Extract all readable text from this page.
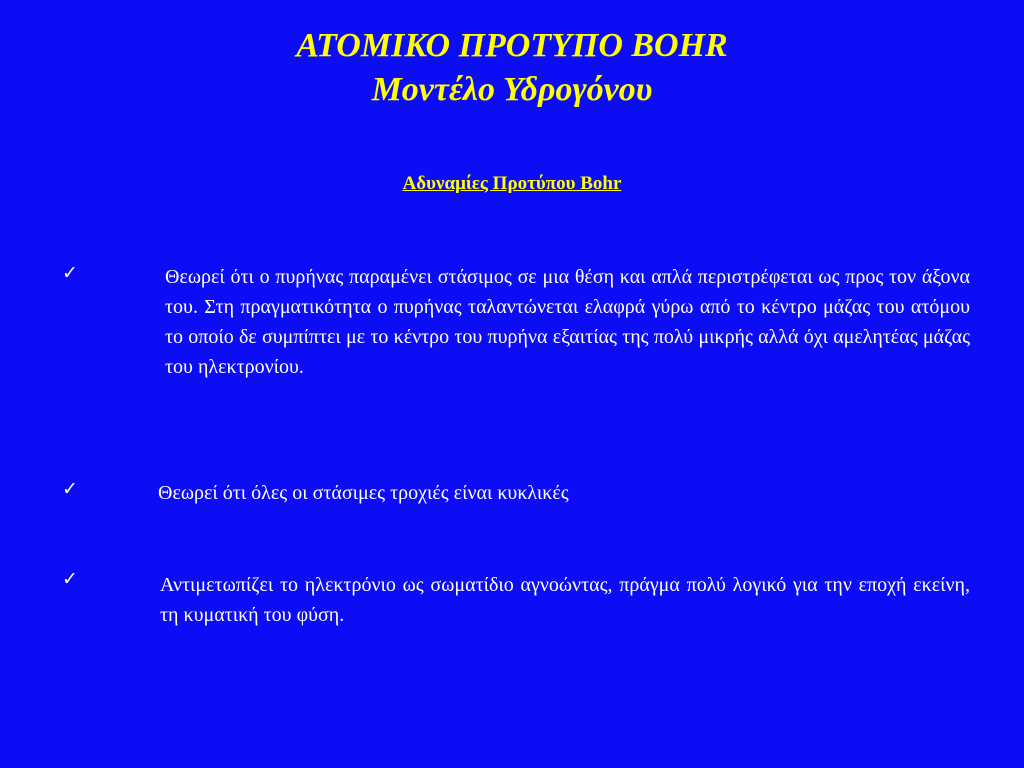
ΑΤΟΜΙΚΟ ΠΡΟΤΥΠΟ BOHR
Μοντέλο Υδρογόνου
Αδυναμίες Προτύπου Bohr
✓	Θεωρεί ότι ο πυρήνας παραμένει στάσιμος σε μια θέση και απλά περιστρέφεται ως προς τον άξονα του. Στη πραγματικότητα ο πυρήνας ταλαντώνεται ελαφρά γύρω από το κέντρο μάζας του ατόμου το οποίο δε συμπίπτει με το κέντρο του πυρήνα εξαιτίας της πολύ μικρής αλλά όχι αμελητέας μάζας του ηλεκτρονίου.
✓	Θεωρεί ότι όλες οι στάσιμες τροχιές είναι κυκλικές
✓	Αντιμετωπίζει το ηλεκτρόνιο ως σωματίδιο αγνοώντας, πράγμα πολύ λογικό για την εποχή εκείνη, τη κυματική του φύση.
